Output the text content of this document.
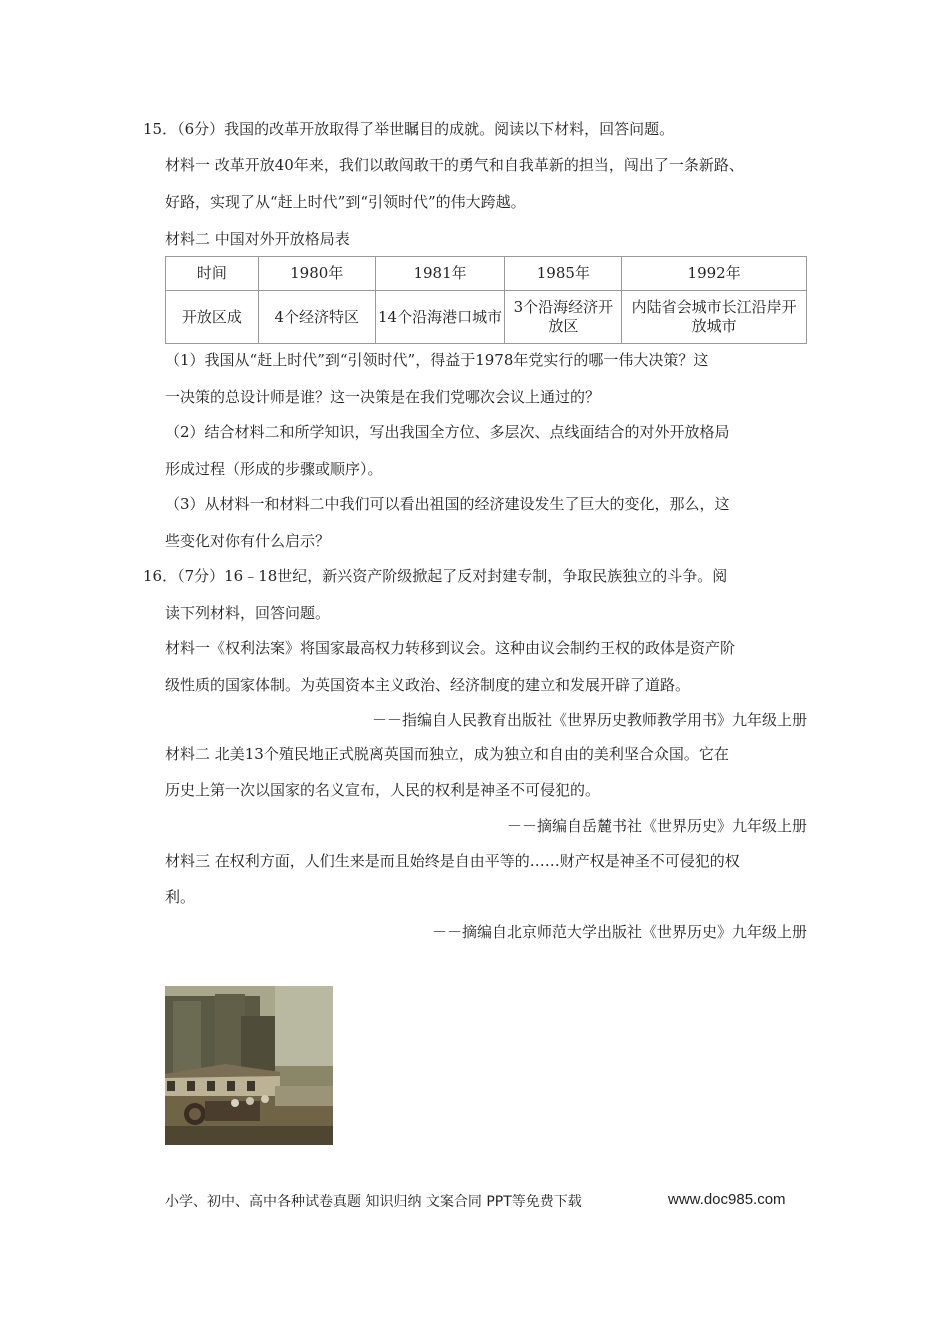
15．（6分）我国的改革开放取得了举世瞩目的成就。阅读以下材料，回答问题。
材料一 改革开放40年来，我们以敢闯敢干的勇气和自我革新的担当，闯出了一条新路、
好路，实现了从“赶上时代”到“引领时代”的伟大跨越。
材料二 中国对外开放格局表
时间	1980年	1981年	1985年	1992年
开放区成	4个经济特区	14个沿海港口城市	3个沿海经济开放区	内陆省会城市长江沿岸开放城市
（1）我国从“赶上时代”到“引领时代”，得益于1978年党实行的哪一伟大决策？这
一决策的总设计师是谁？这一决策是在我们党哪次会议上通过的？
（2）结合材料二和所学知识，写出我国全方位、多层次、点线面结合的对外开放格局
形成过程（形成的步骤或顺序）。
（3）从材料一和材料二中我们可以看出祖国的经济建设发生了巨大的变化，那么，这
些变化对你有什么启示？
16．（7分）16﹣18世纪，新兴资产阶级掀起了反对封建专制，争取民族独立的斗争。阅
读下列材料，回答问题。
材料一《权利法案》将国家最高权力转移到议会。这种由议会制约王权的政体是资产阶
级性质的国家体制。为英国资本主义政治、经济制度的建立和发展开辟了道路。
－－指编自人民教育出版社《世界历史教师教学用书》九年级上册
材料二 北美13个殖民地正式脱离英国而独立，成为独立和自由的美利坚合众国。它在
历史上第一次以国家的名义宣布，人民的权利是神圣不可侵犯的。
－－摘编自岳麓书社《世界历史》九年级上册
材料三 在权利方面，人们生来是而且始终是自由平等的……财产权是神圣不可侵犯的权
利。
－－摘编自北京师范大学出版社《世界历史》九年级上册
小学、初中、高中各种试卷真题 知识归纳 文案合同 PPT等免费下载	www.doc985.com
